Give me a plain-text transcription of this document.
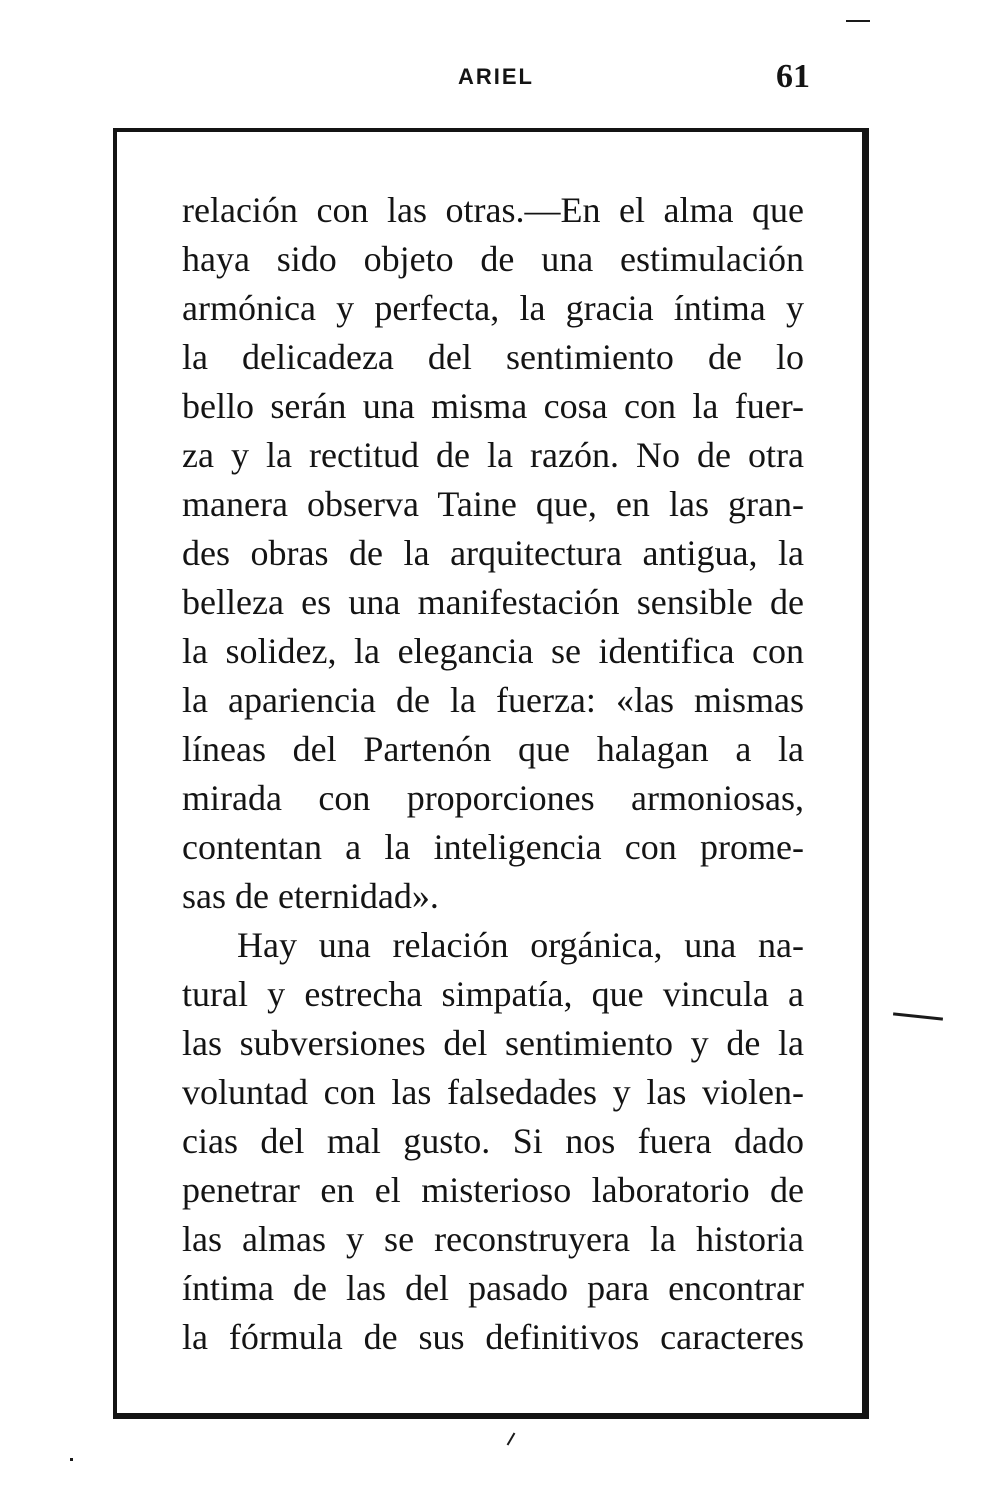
ARIEL	61
relación con las otras.—En el alma que
haya sido objeto de una estimulación
armónica y perfecta, la gracia íntima y
la delicadeza del sentimiento de lo
bello serán una misma cosa con la fuer-
za y la rectitud de la razón. No de otra
manera observa Taine que, en las gran-
des obras de la arquitectura antigua, la
belleza es una manifestación sensible de
la solidez, la elegancia se identifica con
la apariencia de la fuerza: «las mismas
líneas del Partenón que halagan a la
mirada con proporciones armoniosas,
contentan a la inteligencia con prome-
sas de eternidad».
Hay una relación orgánica, una na-
tural y estrecha simpatía, que vincula a
las subversiones del sentimiento y de la
voluntad con las falsedades y las violen-
cias del mal gusto. Si nos fuera dado
penetrar en el misterioso laboratorio de
las almas y se reconstruyera la historia
íntima de las del pasado para encontrar
la fórmula de sus definitivos caracteres
